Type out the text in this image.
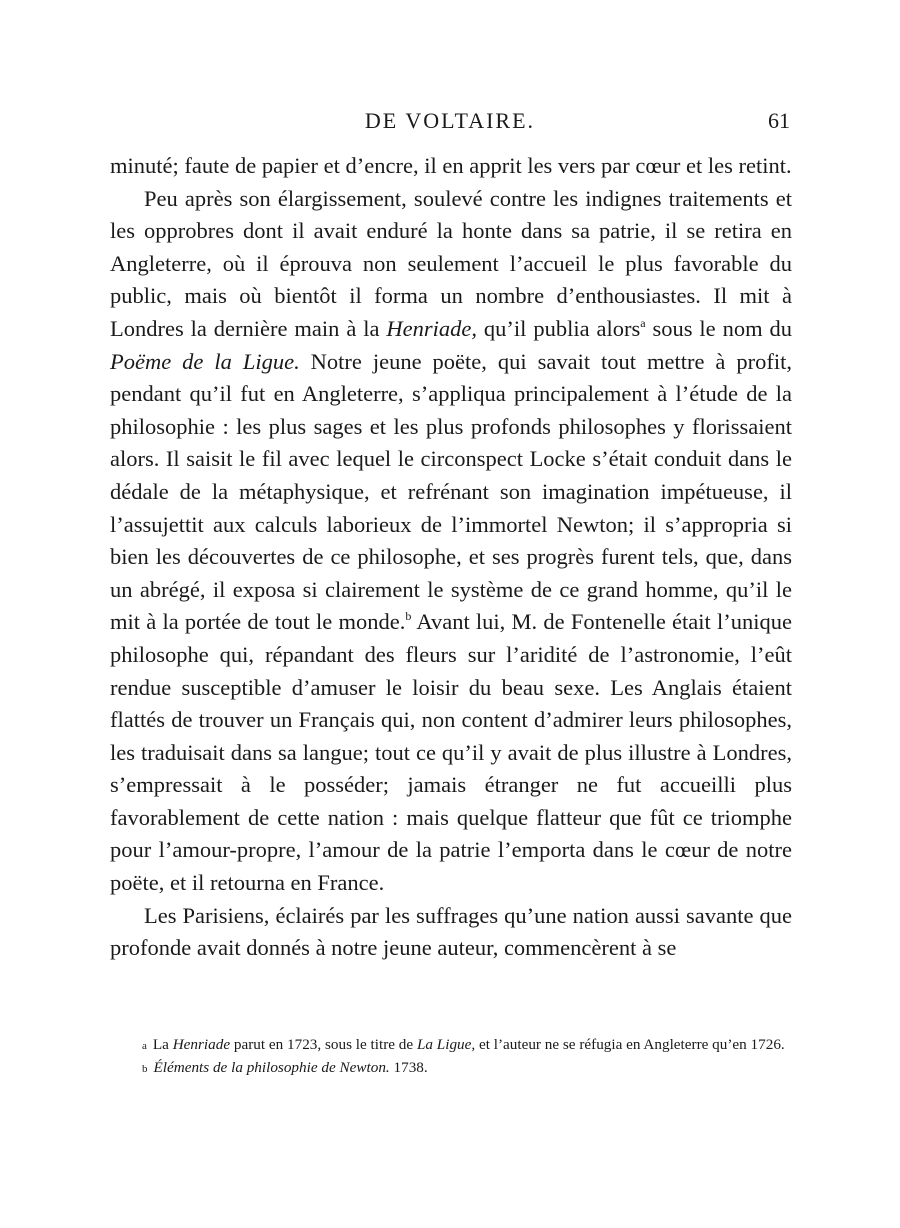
DE VOLTAIRE.	61

minuté; faute de papier et d’encre, il en apprit les vers par cœur et les retint.

Peu après son élargissement, soulevé contre les indignes traitements et les opprobres dont il avait enduré la honte dans sa patrie, il se retira en Angleterre, où il éprouva non seulement l’accueil le plus favorable du public, mais où bientôt il forma un nombre d’enthousiastes. Il mit à Londres la dernière main à la Henriade, qu’il publia alors$^a$ sous le nom du Poëme de la Ligue. Notre jeune poëte, qui savait tout mettre à profit, pendant qu’il fut en Angleterre, s’appliqua principalement à l’étude de la philosophie : les plus sages et les plus profonds philosophes y florissaient alors. Il saisit le fil avec lequel le circonspect Locke s’était conduit dans le dédale de la métaphysique, et refrénant son imagination impétueuse, il l’assujettit aux calculs laborieux de l’immortel Newton; il s’appropria si bien les découvertes de ce philosophe, et ses progrès furent tels, que, dans un abrégé, il exposa si clairement le système de ce grand homme, qu’il le mit à la portée de tout le monde.$^b$ Avant lui, M. de Fontenelle était l’unique philosophe qui, répandant des fleurs sur l’aridité de l’astronomie, l’eût rendue susceptible d’amuser le loisir du beau sexe. Les Anglais étaient flattés de trouver un Français qui, non content d’admirer leurs philosophes, les traduisait dans sa langue; tout ce qu’il y avait de plus illustre à Londres, s’empressait à le posséder; jamais étranger ne fut accueilli plus favorablement de cette nation : mais quelque flatteur que fût ce triomphe pour l’amour-propre, l’amour de la patrie l’emporta dans le cœur de notre poëte, et il retourna en France.

Les Parisiens, éclairés par les suffrages qu’une nation aussi savante que profonde avait donnés à notre jeune auteur, commencèrent à se

a La Henriade parut en 1723, sous le titre de La Ligue, et l’auteur ne se réfugia en Angleterre qu’en 1726.

b Éléments de la philosophie de Newton. 1738.
